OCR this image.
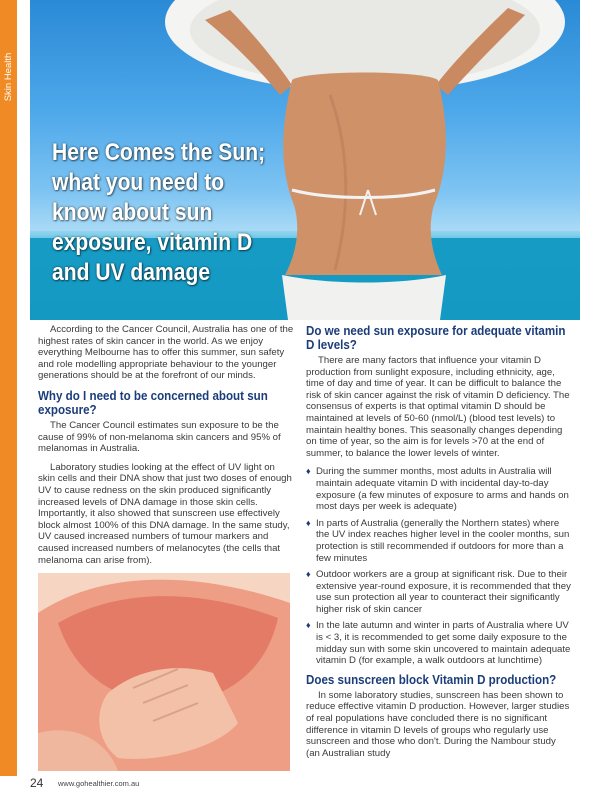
Skin Health
Here Comes the Sun;
what you need to
know about sun
exposure, vitamin D
and UV damage

According to the Cancer Council, Australia has one of the highest rates of skin cancer in the world. As we enjoy everything Melbourne has to offer this summer, sun safety and role modelling appropriate behaviour to the younger generations should be at the forefront of our minds.

Why do I need to be concerned about sun exposure?

The Cancer Council estimates sun exposure to be the cause of 99% of non-melanoma skin cancers and 95% of melanomas in Australia.

Laboratory studies looking at the effect of UV light on skin cells and their DNA show that just two doses of enough UV to cause redness on the skin produced significantly increased levels of DNA damage in those skin cells. Importantly, it also showed that sunscreen use effectively block almost 100% of this DNA damage. In the same study, UV caused increased numbers of tumour markers and caused increased numbers of melanocytes (the cells that melanoma can arise from).

Do we need sun exposure for adequate vitamin D levels?

There are many factors that influence your vitamin D production from sunlight exposure, including ethnicity, age, time of day and time of year. It can be difficult to balance the risk of skin cancer against the risk of vitamin D deficiency. The consensus of experts is that optimal vitamin D should be maintained at levels of 50-60 (nmol/L) (blood test levels) to maintain healthy bones. This seasonally changes depending on time of year, so the aim is for levels >70 at the end of summer, to balance the lower levels of winter.

♦ During the summer months, most adults in Australia will maintain adequate vitamin D with incidental day-to-day exposure (a few minutes of exposure to arms and hands on most days per week is adequate)
♦ In parts of Australia (generally the Northern states) where the UV index reaches higher level in the cooler months, sun protection is still recommended if outdoors for more than a few minutes
♦ Outdoor workers are a group at significant risk. Due to their extensive year-round exposure, it is recommended that they use sun protection all year to counteract their significantly higher risk of skin cancer
♦ In the late autumn and winter in parts of Australia where UV is < 3, it is recommended to get some daily exposure to the midday sun with some skin uncovered to maintain adequate vitamin D (for example, a walk outdoors at lunchtime)
Does sunscreen block Vitamin D production?

In some laboratory studies, sunscreen has been shown to reduce effective vitamin D production. However, larger studies of real populations have concluded there is no significant difference in vitamin D levels of groups who regularly use sunscreen and those who don't. During the Nambour study (an Australian study

24 www.gohealthier.com.au
